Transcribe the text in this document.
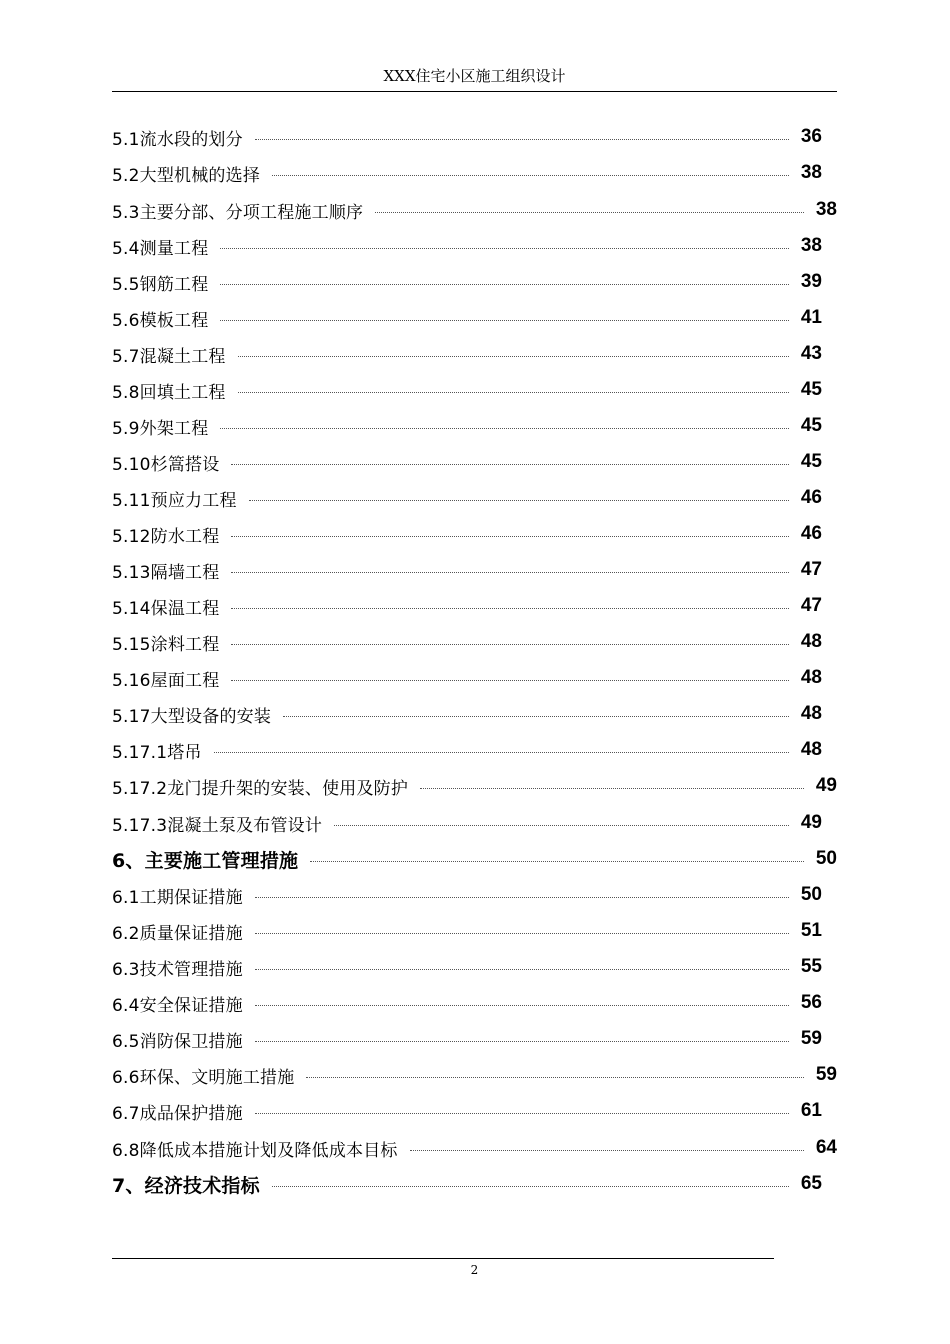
XXX住宅小区施工组织设计
5.1流水段的划分	36
5.2大型机械的选择	38
5.3主要分部、分项工程施工顺序	38
5.4测量工程	38
5.5钢筋工程	39
5.6模板工程	41
5.7混凝土工程	43
5.8回填土工程	45
5.9外架工程	45
5.10杉篙搭设	45
5.11预应力工程	46
5.12防水工程	46
5.13隔墙工程	47
5.14保温工程	47
5.15涂料工程	48
5.16屋面工程	48
5.17大型设备的安装	48
5.17.1塔吊	48
5.17.2龙门提升架的安装、使用及防护	49
5.17.3混凝土泵及布管设计	49
6、主要施工管理措施	50
6.1工期保证措施	50
6.2质量保证措施	51
6.3技术管理措施	55
6.4安全保证措施	56
6.5消防保卫措施	59
6.6环保、文明施工措施	59
6.7成品保护措施	61
6.8降低成本措施计划及降低成本目标	64
7、经济技术指标	65
2
